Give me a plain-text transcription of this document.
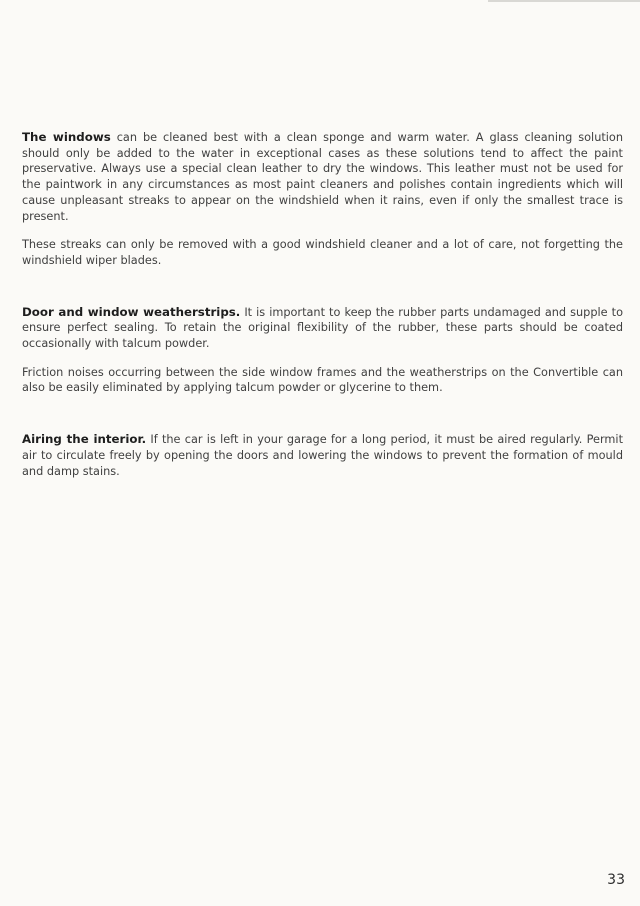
The windows can be cleaned best with a clean sponge and warm water. A glass cleaning solution should only be added to the water in exceptional cases as these solutions tend to affect the paint preservative. Always use a special clean leather to dry the windows. This leather must not be used for the paintwork in any circumstances as most paint cleaners and polishes contain ingredients which will cause unpleasant streaks to appear on the windshield when it rains, even if only the smallest trace is present.

These streaks can only be removed with a good windshield cleaner and a lot of care, not forgetting the windshield wiper blades.

Door and window weatherstrips. It is important to keep the rubber parts undamaged and supple to ensure perfect sealing. To retain the original flexibility of the rubber, these parts should be coated occasionally with talcum powder.

Friction noises occurring between the side window frames and the weatherstrips on the Convertible can also be easily eliminated by applying talcum powder or glycerine to them.

Airing the interior. If the car is left in your garage for a long period, it must be aired regularly. Permit air to circulate freely by opening the doors and lowering the windows to prevent the formation of mould and damp stains.

33
